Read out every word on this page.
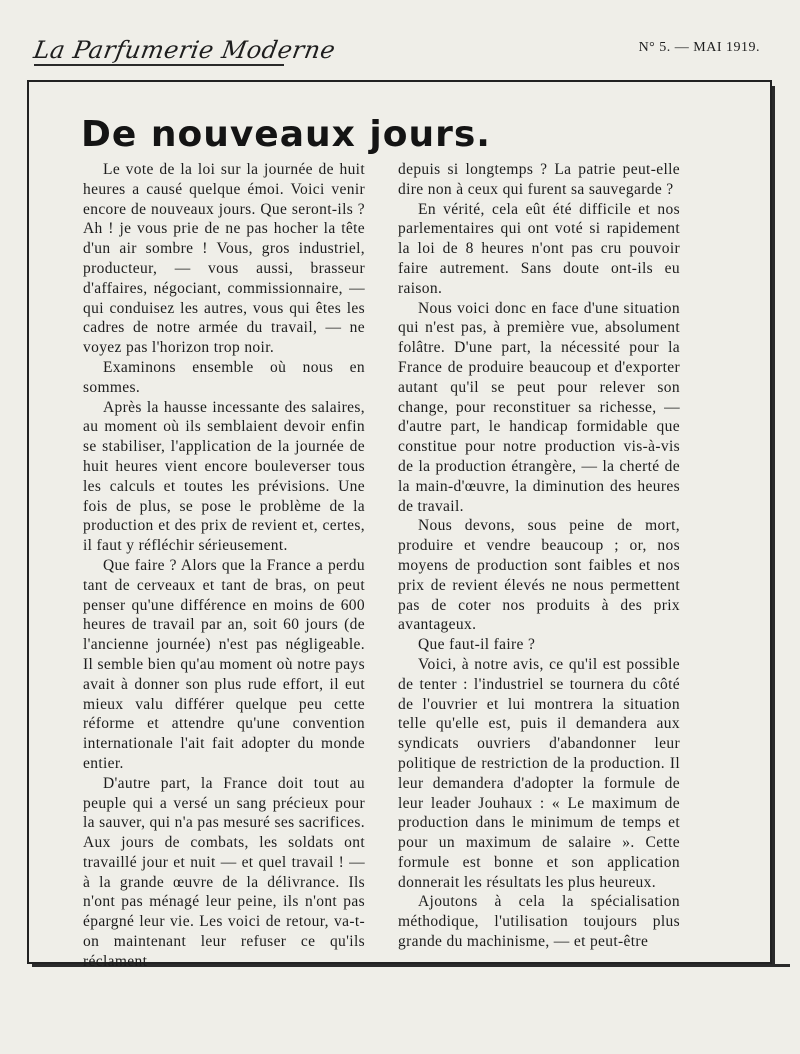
La Parfumerie Moderne	N° 5. — MAI 1919.
De nouveaux jours.

Le vote de la loi sur la journée de huit heures a causé quelque émoi. Voici venir encore de nouveaux jours. Que seront-ils ? Ah ! je vous prie de ne pas hocher la tête d'un air sombre ! Vous, gros industriel, producteur, — vous aussi, brasseur d'affaires, négociant, commissionnaire, — qui conduisez les autres, vous qui êtes les cadres de notre armée du travail, — ne voyez pas l'horizon trop noir.

Examinons ensemble où nous en sommes.

Après la hausse incessante des salaires, au moment où ils semblaient devoir enfin se stabiliser, l'application de la journée de huit heures vient encore bouleverser tous les calculs et toutes les prévisions. Une fois de plus, se pose le problème de la production et des prix de revient et, certes, il faut y réfléchir sérieusement.

Que faire ? Alors que la France a perdu tant de cerveaux et tant de bras, on peut penser qu'une différence en moins de 600 heures de travail par an, soit 60 jours (de l'ancienne journée) n'est pas négligeable. Il semble bien qu'au moment où notre pays avait à donner son plus rude effort, il eut mieux valu différer quelque peu cette réforme et attendre qu'une convention internationale l'ait fait adopter du monde entier.

D'autre part, la France doit tout au peuple qui a versé un sang précieux pour la sauver, qui n'a pas mesuré ses sacrifices. Aux jours de combats, les soldats ont travaillé jour et nuit — et quel travail ! — à la grande œuvre de la délivrance. Ils n'ont pas ménagé leur peine, ils n'ont pas épargné leur vie. Les voici de retour, va-t-on maintenant leur refuser ce qu'ils réclament

depuis si longtemps ? La patrie peut-elle dire non à ceux qui furent sa sauvegarde ?

En vérité, cela eût été difficile et nos parlementaires qui ont voté si rapidement la loi de 8 heures n'ont pas cru pouvoir faire autrement. Sans doute ont-ils eu raison.

Nous voici donc en face d'une situation qui n'est pas, à première vue, absolument folâtre. D'une part, la nécessité pour la France de produire beaucoup et d'exporter autant qu'il se peut pour relever son change, pour reconstituer sa richesse, — d'autre part, le handicap formidable que constitue pour notre production vis-à-vis de la production étrangère, — la cherté de la main-d'œuvre, la diminution des heures de travail.

Nous devons, sous peine de mort, produire et vendre beaucoup ; or, nos moyens de production sont faibles et nos prix de revient élevés ne nous permettent pas de coter nos produits à des prix avantageux.

Que faut-il faire ?

Voici, à notre avis, ce qu'il est possible de tenter : l'industriel se tournera du côté de l'ouvrier et lui montrera la situation telle qu'elle est, puis il demandera aux syndicats ouvriers d'abandonner leur politique de restriction de la production. Il leur demandera d'adopter la formule de leur leader Jouhaux : « Le maximum de production dans le minimum de temps et pour un maximum de salaire ». Cette formule est bonne et son application donnerait les résultats les plus heureux.

Ajoutons à cela la spécialisation méthodique, l'utilisation toujours plus grande du machinisme, — et peut-être
